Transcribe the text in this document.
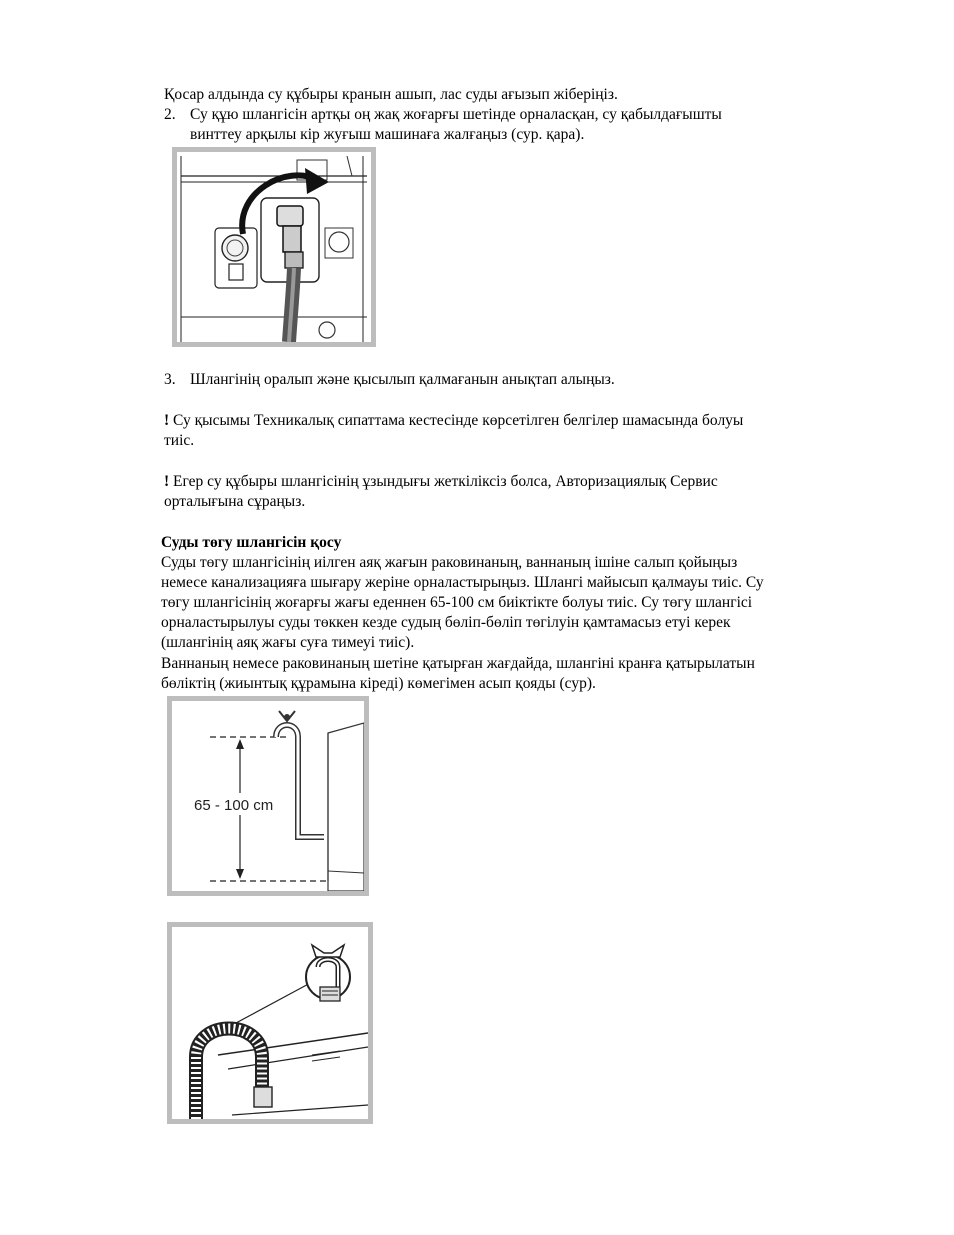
Қосар алдында су құбыры кранын ашып, лас суды ағызып жіберіңіз.
2. Су құю шлангісін артқы оң жақ жоғарғы шетінде орналасқан, су қабылдағышты
винттеу арқылы кір жуғыш машинаға жалғаңыз (сур. қара).
3. Шлангінің оралып және қысылып қалмағанын анықтап алыңыз.
! Су қысымы Техникалық сипаттама кестесінде көрсетілген белгілер шамасында болуы
тиіс.
! Егер су құбыры шлангісінің ұзындығы жеткіліксіз болса, Авторизациялық Сервис
орталығына сұраңыз.
Суды төгу шлангісін қосу
Суды төгу шлангісінің иілген аяқ жағын раковинаның, ваннаның ішіне салып қойыңыз
немесе канализацияға шығару жеріне орналастырыңыз. Шлангі майысып қалмауы тиіс. Су
төгу шлангісінің жоғарғы жағы еденнен 65-100 см биіктікте болуы тиіс. Су төгу шлангісі
орналастырылуы суды төккен кезде судың бөліп-бөліп төгілуін қамтамасыз етуі керек
(шлангінің аяқ жағы суға тимеуі тиіс).
Ваннаның немесе раковинаның шетіне қатырған жағдайда, шлангіні кранға қатырылатын
бөліктің (жиынтық құрамына кіреді) көмегімен асып қояды (сур).
65 - 100 cm
